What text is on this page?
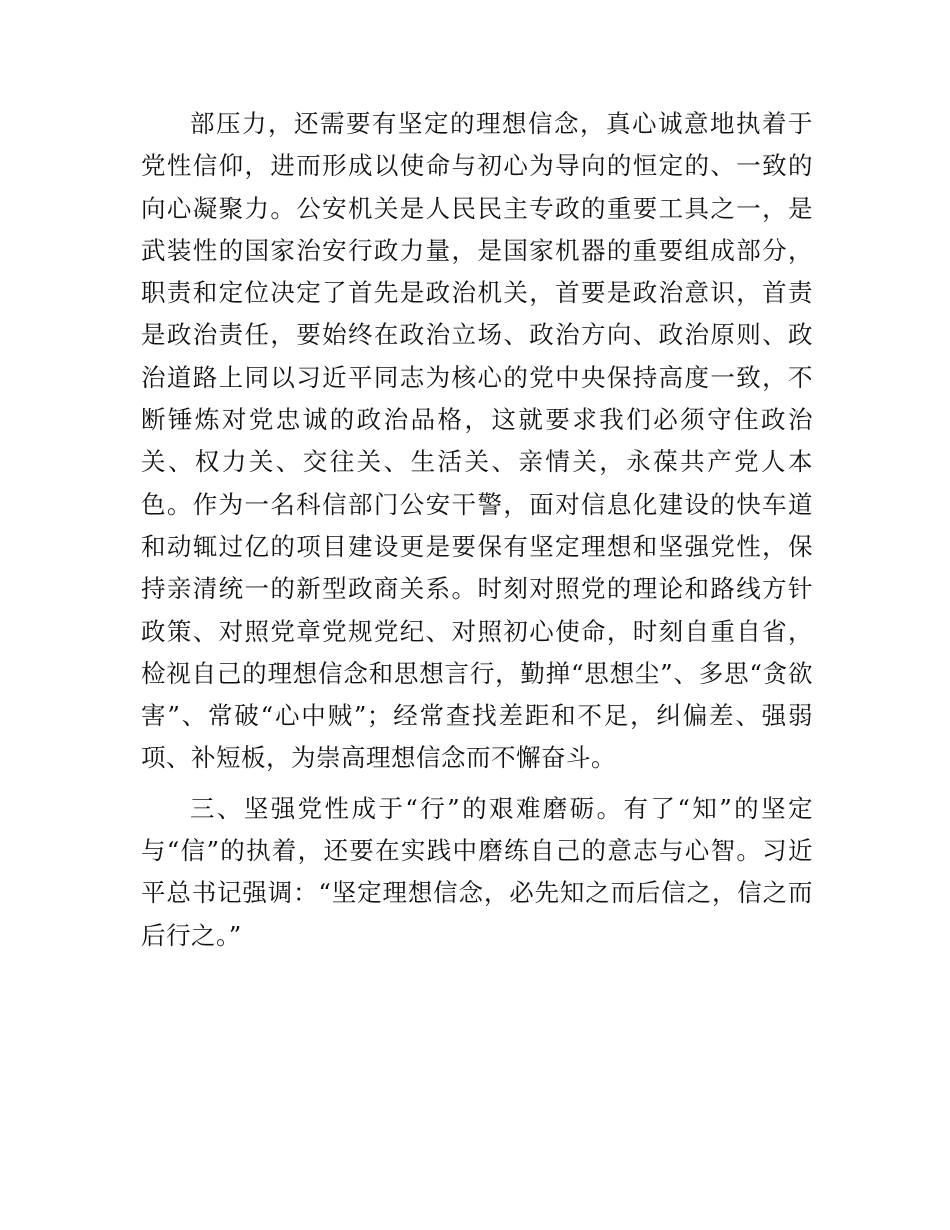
部压力，还需要有坚定的理想信念，真心诚意地执着于党性信仰，进而形成以使命与初心为导向的恒定的、一致的向心凝聚力。公安机关是人民民主专政的重要工具之一，是武装性的国家治安行政力量，是国家机器的重要组成部分，职责和定位决定了首先是政治机关，首要是政治意识，首责是政治责任，要始终在政治立场、政治方向、政治原则、政治道路上同以习近平同志为核心的党中央保持高度一致，不断锤炼对党忠诚的政治品格，这就要求我们必须守住政治关、权力关、交往关、生活关、亲情关，永葆共产党人本色。作为一名科信部门公安干警，面对信息化建设的快车道和动辄过亿的项目建设更是要保有坚定理想和坚强党性，保持亲清统一的新型政商关系。时刻对照党的理论和路线方针政策、对照党章党规党纪、对照初心使命，时刻自重自省，检视自己的理想信念和思想言行，勤掸“思想尘”、多思“贪欲害”、常破“心中贼”；经常查找差距和不足，纠偏差、强弱项、补短板，为崇高理想信念而不懈奋斗。

三、坚强党性成于“行”的艰难磨砺。有了“知”的坚定与“信”的执着，还要在实践中磨练自己的意志与心智。习近平总书记强调：“坚定理想信念，必先知之而后信之，信之而后行之。”
